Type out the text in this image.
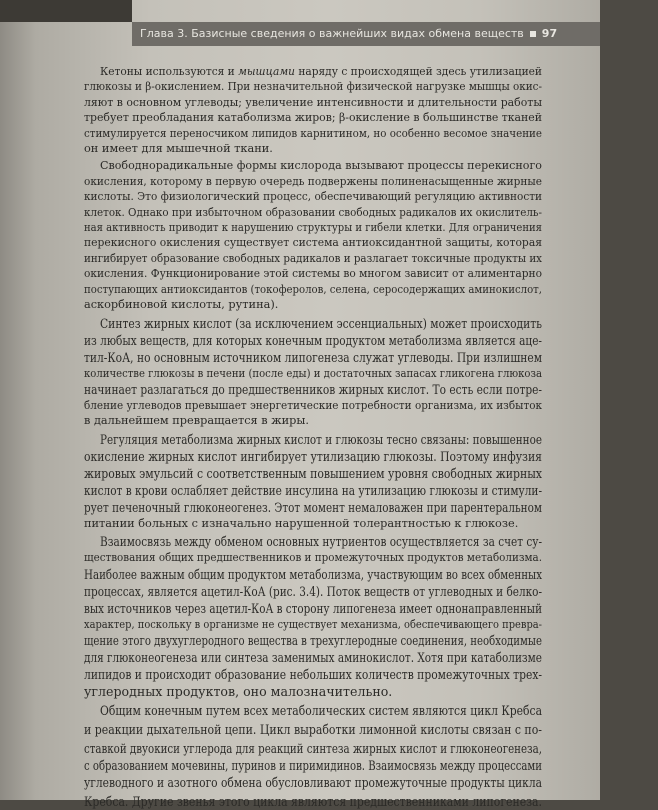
Глава 3. Базисные сведения о важнейших видах обмена веществ 97

Кетоны используются и мышцами наряду с происходящей здесь утилизацией
глюкозы и β-окислением. При незначительной физической нагрузке мышцы окис-
ляют в основном углеводы; увеличение интенсивности и длительности работы
требует преобладания катаболизма жиров; β-окисление в большинстве тканей
стимулируется переносчиком липидов карнитином, но особенно весомое значение
он имеет для мышечной ткани.

Свободнорадикальные формы кислорода вызывают процессы перекисного
окисления, которому в первую очередь подвержены полиненасыщенные жирные
кислоты. Это физиологический процесс, обеспечивающий регуляцию активности
клеток. Однако при избыточном образовании свободных радикалов их окислитель-
ная активность приводит к нарушению структуры и гибели клетки. Для ограничения
перекисного окисления существует система антиоксидантной защиты, которая
ингибирует образование свободных радикалов и разлагает токсичные продукты их
окисления. Функционирование этой системы во многом зависит от алиментарно
поступающих антиоксидантов (токоферолов, селена, серосодержащих аминокислот,
аскорбиновой кислоты, рутина).

Синтез жирных кислот (за исключением эссенциальных) может происходить
из любых веществ, для которых конечным продуктом метаболизма является аце-
тил-КоА, но основным источником липогенеза служат углеводы. При излишнем
количестве глюкозы в печени (после еды) и достаточных запасах гликогена глюкоза
начинает разлагаться до предшественников жирных кислот. То есть если потре-
бление углеводов превышает энергетические потребности организма, их избыток
в дальнейшем превращается в жиры.

Регуляция метаболизма жирных кислот и глюкозы тесно связаны: повышенное
окисление жирных кислот ингибирует утилизацию глюкозы. Поэтому инфузия
жировых эмульсий с соответственным повышением уровня свободных жирных
кислот в крови ослабляет действие инсулина на утилизацию глюкозы и стимули-
рует печеночный глюконеогенез. Этот момент немаловажен при парентеральном
питании больных с изначально нарушенной толерантностью к глюкозе.

Взаимосвязь между обменом основных нутриентов осуществляется за счет су-
ществования общих предшественников и промежуточных продуктов метаболизма.
Наиболее важным общим продуктом метаболизма, участвующим во всех обменных
процессах, является ацетил-КоА (рис. 3.4). Поток веществ от углеводных и белко-
вых источников через ацетил-КоА в сторону липогенеза имеет однонаправленный
характер, поскольку в организме не существует механизма, обеспечивающего превра-
щение этого двухуглеродного вещества в трехуглеродные соединения, необходимые
для глюконеогенеза или синтеза заменимых аминокислот. Хотя при катаболизме
липидов и происходит образование небольших количеств промежуточных трех-
углеродных продуктов, оно малозначительно.

Общим конечным путем всех метаболических систем являются цикл Кребса
и реакции дыхательной цепи. Цикл выработки лимонной кислоты связан с по-
ставкой двуокиси углерода для реакций синтеза жирных кислот и глюконеогенеза,
с образованием мочевины, пуринов и пиримидинов. Взаимосвязь между процессами
углеводного и азотного обмена обусловливают промежуточные продукты цикла
Кребса. Другие звенья этого цикла являются предшественниками липогенеза.
